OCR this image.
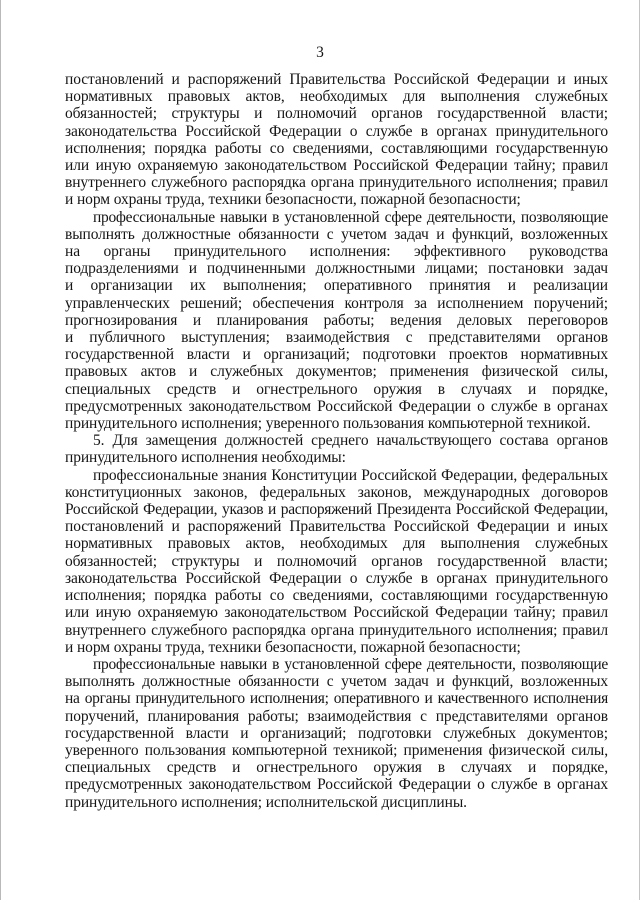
3

постановлений и распоряжений Правительства Российской Федерации и иных
нормативных правовых актов, необходимых для выполнения служебных
обязанностей; структуры и полномочий органов государственной власти;
законодательства Российской Федерации о службе в органах принудительного
исполнения; порядка работы со сведениями, составляющими государственную
или иную охраняемую законодательством Российской Федерации тайну; правил
внутреннего служебного распорядка органа принудительного исполнения; правил
и норм охраны труда, техники безопасности, пожарной безопасности;

профессиональные навыки в установленной сфере деятельности, позволяющие
выполнять должностные обязанности с учетом задач и функций, возложенных
на органы принудительного исполнения: эффективного руководства
подразделениями и подчиненными должностными лицами; постановки задач
и организации их выполнения; оперативного принятия и реализации
управленческих решений; обеспечения контроля за исполнением поручений;
прогнозирования и планирования работы; ведения деловых переговоров
и публичного выступления; взаимодействия с представителями органов
государственной власти и организаций; подготовки проектов нормативных
правовых актов и служебных документов; применения физической силы,
специальных средств и огнестрельного оружия в случаях и порядке,
предусмотренных законодательством Российской Федерации о службе в органах
принудительного исполнения; уверенного пользования компьютерной техникой.

5. Для замещения должностей среднего начальствующего состава органов
принудительного исполнения необходимы:

профессиональные знания Конституции Российской Федерации, федеральных
конституционных законов, федеральных законов, международных договоров
Российской Федерации, указов и распоряжений Президента Российской Федерации,
постановлений и распоряжений Правительства Российской Федерации и иных
нормативных правовых актов, необходимых для выполнения служебных
обязанностей; структуры и полномочий органов государственной власти;
законодательства Российской Федерации о службе в органах принудительного
исполнения; порядка работы со сведениями, составляющими государственную
или иную охраняемую законодательством Российской Федерации тайну; правил
внутреннего служебного распорядка органа принудительного исполнения; правил
и норм охраны труда, техники безопасности, пожарной безопасности;

профессиональные навыки в установленной сфере деятельности, позволяющие
выполнять должностные обязанности с учетом задач и функций, возложенных
на органы принудительного исполнения; оперативного и качественного исполнения
поручений, планирования работы; взаимодействия с представителями органов
государственной власти и организаций; подготовки служебных документов;
уверенного пользования компьютерной техникой; применения физической силы,
специальных средств и огнестрельного оружия в случаях и порядке,
предусмотренных законодательством Российской Федерации о службе в органах
принудительного исполнения; исполнительской дисциплины.
